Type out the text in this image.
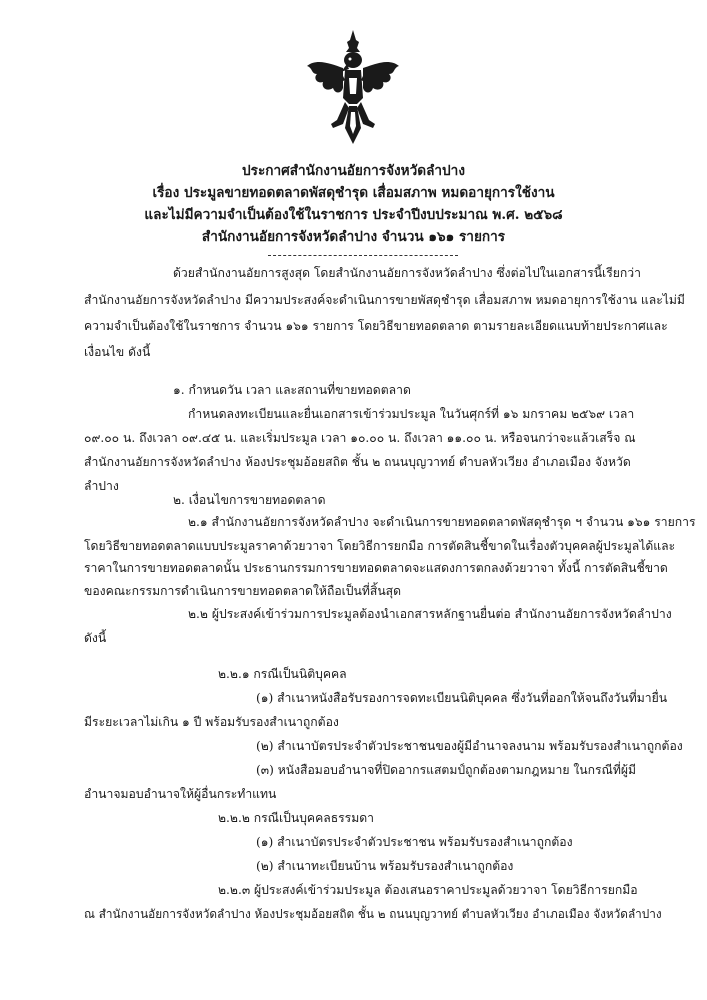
ประกาศสำนักงานอัยการจังหวัดลำปาง
เรื่อง ประมูลขายทอดตลาดพัสดุชำรุด เสื่อมสภาพ หมดอายุการใช้งาน
และไม่มีความจำเป็นต้องใช้ในราชการ ประจำปีงบประมาณ พ.ศ. ๒๕๖๘
สำนักงานอัยการจังหวัดลำปาง จำนวน ๑๖๑ รายการ
ด้วยสำนักงานอัยการสูงสุด โดยสำนักงานอัยการจังหวัดลำปาง ซึ่งต่อไปในเอกสารนี้เรียกว่า
สำนักงานอัยการจังหวัดลำปาง มีความประสงค์จะดำเนินการขายพัสดุชำรุด เสื่อมสภาพ หมดอายุการใช้งาน และไม่มี
ความจำเป็นต้องใช้ในราชการ จำนวน ๑๖๑ รายการ โดยวิธีขายทอดตลาด ตามรายละเอียดแนบท้ายประกาศและ
เงื่อนไข ดังนี้
๑. กำหนดวัน เวลา และสถานที่ขายทอดตลาด
กำหนดลงทะเบียนและยื่นเอกสารเข้าร่วมประมูล ในวันศุกร์ที่ ๑๖ มกราคม ๒๕๖๙ เวลา
๐๙.๐๐ น. ถึงเวลา ๐๙.๔๕ น. และเริ่มประมูล เวลา ๑๐.๐๐ น. ถึงเวลา ๑๑.๐๐ น. หรือจนกว่าจะแล้วเสร็จ ณ
สำนักงานอัยการจังหวัดลำปาง ห้องประชุมอ้อยสถิต ชั้น ๒ ถนนบุญวาทย์ ตำบลหัวเวียง อำเภอเมือง จังหวัด
ลำปาง
๒. เงื่อนไขการขายทอดตลาด
๒.๑ สำนักงานอัยการจังหวัดลำปาง จะดำเนินการขายทอดตลาดพัสดุชำรุด ฯ จำนวน ๑๖๑ รายการ
โดยวิธีขายทอดตลาดแบบประมูลราคาด้วยวาจา โดยวิธีการยกมือ การตัดสินชี้ขาดในเรื่องตัวบุคคลผู้ประมูลได้และ
ราคาในการขายทอดตลาดนั้น ประธานกรรมการขายทอดตลาดจะแสดงการตกลงด้วยวาจา ทั้งนี้ การตัดสินชี้ขาด
ของคณะกรรมการดำเนินการขายทอดตลาดให้ถือเป็นที่สิ้นสุด
๒.๒ ผู้ประสงค์เข้าร่วมการประมูลต้องนำเอกสารหลักฐานยื่นต่อ สำนักงานอัยการจังหวัดลำปาง
ดังนี้
๒.๒.๑ กรณีเป็นนิติบุคคล
(๑) สำเนาหนังสือรับรองการจดทะเบียนนิติบุคคล ซึ่งวันที่ออกให้จนถึงวันที่มายื่น
มีระยะเวลาไม่เกิน ๑ ปี พร้อมรับรองสำเนาถูกต้อง
(๒) สำเนาบัตรประจำตัวประชาชนของผู้มีอำนาจลงนาม พร้อมรับรองสำเนาถูกต้อง
(๓) หนังสือมอบอำนาจที่ปิดอากรแสตมป์ถูกต้องตามกฎหมาย ในกรณีที่ผู้มี
อำนาจมอบอำนาจให้ผู้อื่นกระทำแทน
๒.๒.๒ กรณีเป็นบุคคลธรรมดา
(๑) สำเนาบัตรประจำตัวประชาชน พร้อมรับรองสำเนาถูกต้อง
(๒) สำเนาทะเบียนบ้าน พร้อมรับรองสำเนาถูกต้อง
๒.๒.๓ ผู้ประสงค์เข้าร่วมประมูล ต้องเสนอราคาประมูลด้วยวาจา โดยวิธีการยกมือ
ณ สำนักงานอัยการจังหวัดลำปาง ห้องประชุมอ้อยสถิต ชั้น ๒ ถนนบุญวาทย์ ตำบลหัวเวียง อำเภอเมือง จังหวัดลำปาง
